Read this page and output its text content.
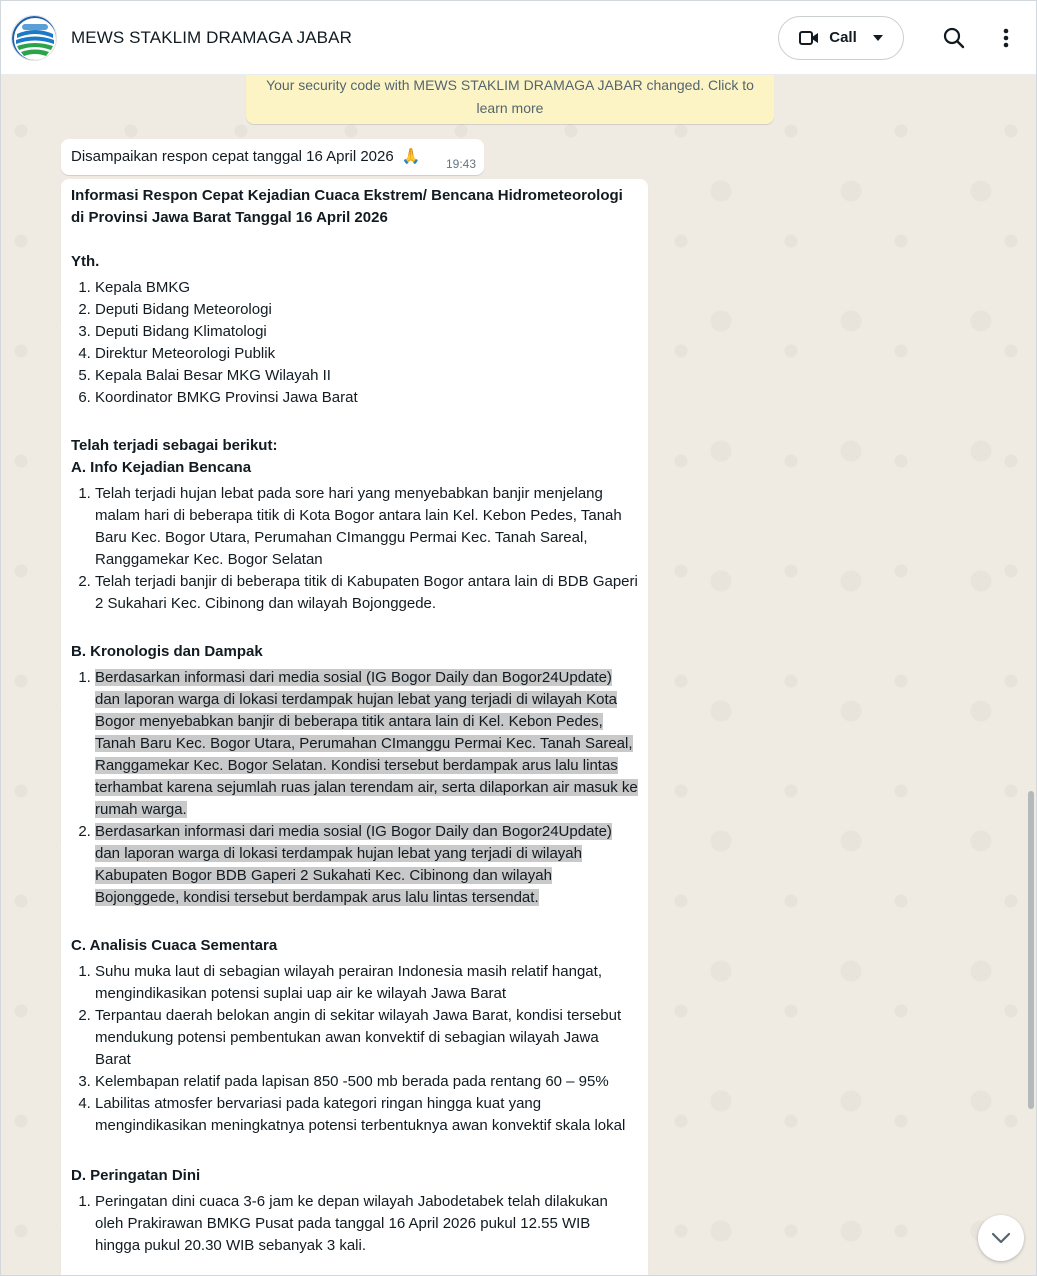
MEWS STAKLIM DRAMAGA JABAR	Call
Your security code with MEWS STAKLIM DRAMAGA JABAR changed. Click to learn more
Disampaikan respon cepat tanggal 16 April 2026 🙏 19:43
Informasi Respon Cepat Kejadian Cuaca Ekstrem/ Bencana Hidrometeorologi di Provinsi Jawa Barat Tanggal 16 April 2026
Yth.
1. Kepala BMKG
2. Deputi Bidang Meteorologi
3. Deputi Bidang Klimatologi
4. Direktur Meteorologi Publik
5. Kepala Balai Besar MKG Wilayah II
6. Koordinator BMKG Provinsi Jawa Barat
Telah terjadi sebagai berikut:
A. Info Kejadian Bencana
1. Telah terjadi hujan lebat pada sore hari yang menyebabkan banjir menjelang malam hari di beberapa titik di Kota Bogor antara lain Kel. Kebon Pedes, Tanah Baru Kec. Bogor Utara, Perumahan CImanggu Permai Kec. Tanah Sareal, Ranggamekar Kec. Bogor Selatan
2. Telah terjadi banjir di beberapa titik di Kabupaten Bogor antara lain di BDB Gaperi 2 Sukahari Kec. Cibinong dan wilayah Bojonggede.
B. Kronologis dan Dampak
1. Berdasarkan informasi dari media sosial (IG Bogor Daily dan Bogor24Update) dan laporan warga di lokasi terdampak hujan lebat yang terjadi di wilayah Kota Bogor menyebabkan banjir di beberapa titik antara lain di Kel. Kebon Pedes, Tanah Baru Kec. Bogor Utara, Perumahan CImanggu Permai Kec. Tanah Sareal, Ranggamekar Kec. Bogor Selatan. Kondisi tersebut berdampak arus lalu lintas terhambat karena sejumlah ruas jalan terendam air, serta dilaporkan air masuk ke rumah warga.
2. Berdasarkan informasi dari media sosial (IG Bogor Daily dan Bogor24Update) dan laporan warga di lokasi terdampak hujan lebat yang terjadi di wilayah Kabupaten Bogor BDB Gaperi 2 Sukahati Kec. Cibinong dan wilayah Bojonggede, kondisi tersebut berdampak arus lalu lintas tersendat.
C. Analisis Cuaca Sementara
1. Suhu muka laut di sebagian wilayah perairan Indonesia masih relatif hangat, mengindikasikan potensi suplai uap air ke wilayah Jawa Barat
2. Terpantau daerah belokan angin di sekitar wilayah Jawa Barat, kondisi tersebut mendukung potensi pembentukan awan konvektif di sebagian wilayah Jawa Barat
3. Kelembapan relatif pada lapisan 850 -500 mb berada pada rentang 60 – 95%
4. Labilitas atmosfer bervariasi pada kategori ringan hingga kuat yang mengindikasikan meningkatnya potensi terbentuknya awan konvektif skala lokal
D. Peringatan Dini
1. Peringatan dini cuaca 3-6 jam ke depan wilayah Jabodetabek telah dilakukan oleh Prakirawan BMKG Pusat pada tanggal 16 April 2026 pukul 12.55 WIB hingga pukul 20.30 WIB sebanyak 3 kali.
